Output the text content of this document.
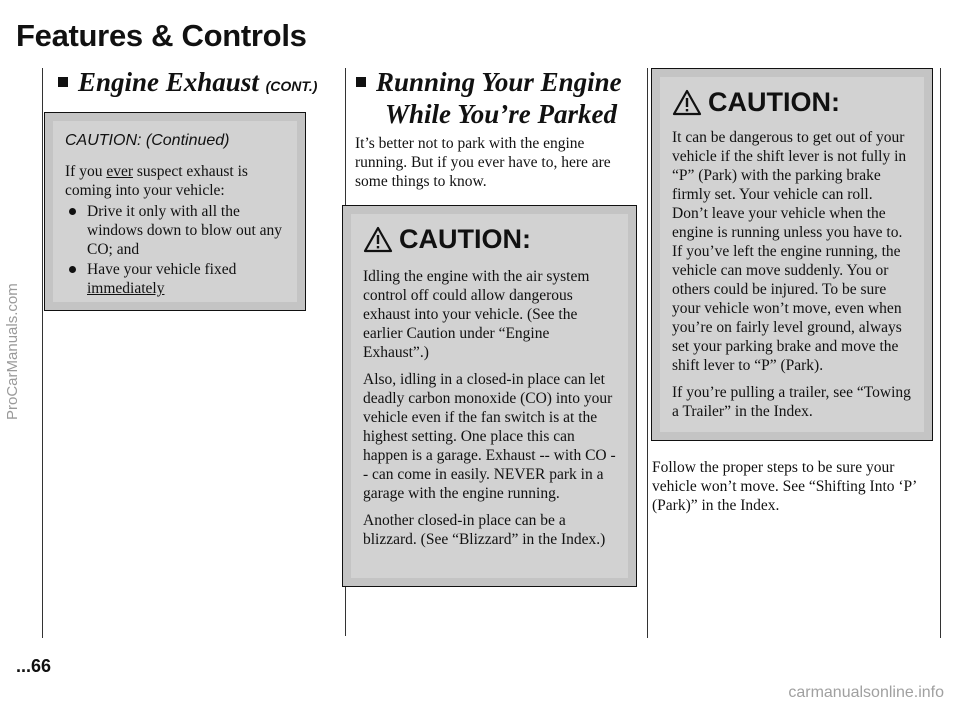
Features & Controls
Engine Exhaust (CONT.)
CAUTION: (Continued)

If you ever suspect exhaust is coming into your vehicle:

Drive it only with all the windows down to blow out any CO; and
Have your vehicle fixed
immediately
Running Your Engine
While You’re Parked

It’s better not to park with the engine running. But if you ever have to, here are some things to know.

CAUTION:

Idling the engine with the air system control off could allow dangerous exhaust into your vehicle. (See the earlier Caution under “Engine Exhaust”.)

Also, idling in a closed-in place can let deadly carbon monoxide (CO) into your vehicle even if the fan switch is at the highest setting. One place this can happen is a garage. Exhaust -- with CO -- can come in easily. NEVER park in a garage with the engine running.

Another closed-in place can be a blizzard. (See “Blizzard” in the Index.)

CAUTION:

It can be dangerous to get out of your vehicle if the shift lever is not fully in “P” (Park) with the parking brake firmly set. Your vehicle can roll. Don’t leave your vehicle when the engine is running unless you have to. If you’ve left the engine running, the vehicle can move suddenly. You or others could be injured. To be sure your vehicle won’t move, even when you’re on fairly level ground, always set your parking brake and move the shift lever to “P” (Park).

If you’re pulling a trailer, see “Towing a Trailer” in the Index.

Follow the proper steps to be sure your vehicle won’t move. See “Shifting Into ‘P’ (Park)” in the Index.

...66
ProCarManuals.com
carmanualsonline.info
